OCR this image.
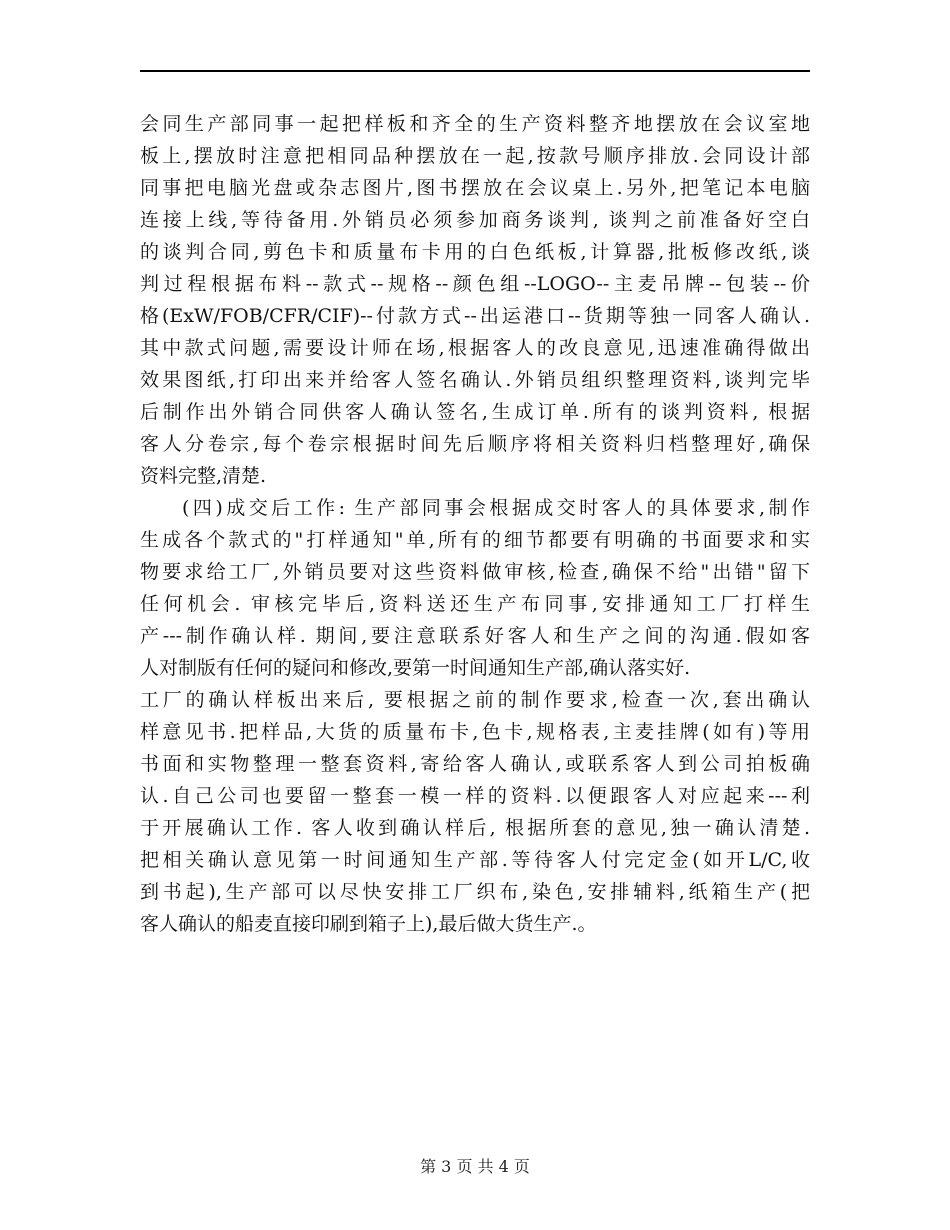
会同生产部同事一起把样板和齐全的生产资料整齐地摆放在会议室地
板上,摆放时注意把相同品种摆放在一起,按款号顺序排放.会同设计部
同事把电脑光盘或杂志图片,图书摆放在会议桌上.另外,把笔记本电脑
连接上线,等待备用.外销员必须参加商务谈判, 谈判之前准备好空白
的谈判合同,剪色卡和质量布卡用的白色纸板,计算器,批板修改纸,谈
判过程根据布料--款式--规格--颜色组--LOGO--主麦吊牌--包装--价
格(ExW/FOB/CFR/CIF)--付款方式--出运港口--货期等独一同客人确认.
其中款式问题,需要设计师在场,根据客人的改良意见,迅速准确得做出
效果图纸,打印出来并给客人签名确认.外销员组织整理资料,谈判完毕
后制作出外销合同供客人确认签名,生成订单.所有的谈判资料, 根据
客人分卷宗,每个卷宗根据时间先后顺序将相关资料归档整理好,确保
资料完整,清楚.
(四)成交后工作: 生产部同事会根据成交时客人的具体要求,制作
生成各个款式的"打样通知"单,所有的细节都要有明确的书面要求和实
物要求给工厂,外销员要对这些资料做审核,检查,确保不给"出错"留下
任何机会. 审核完毕后,资料送还生产布同事,安排通知工厂打样生
产---制作确认样. 期间,要注意联系好客人和生产之间的沟通.假如客
人对制版有任何的疑问和修改,要第一时间通知生产部,确认落实好.
工厂的确认样板出来后, 要根据之前的制作要求,检查一次,套出确认
样意见书.把样品,大货的质量布卡,色卡,规格表,主麦挂牌(如有)等用
书面和实物整理一整套资料,寄给客人确认,或联系客人到公司拍板确
认.自己公司也要留一整套一模一样的资料.以便跟客人对应起来---利
于开展确认工作. 客人收到确认样后, 根据所套的意见,独一确认清楚.
把相关确认意见第一时间通知生产部.等待客人付完定金(如开L/C,收
到书起),生产部可以尽快安排工厂织布,染色,安排辅料,纸箱生产(把
客人确认的船麦直接印刷到箱子上),最后做大货生产.。
第 3 页 共 4 页
